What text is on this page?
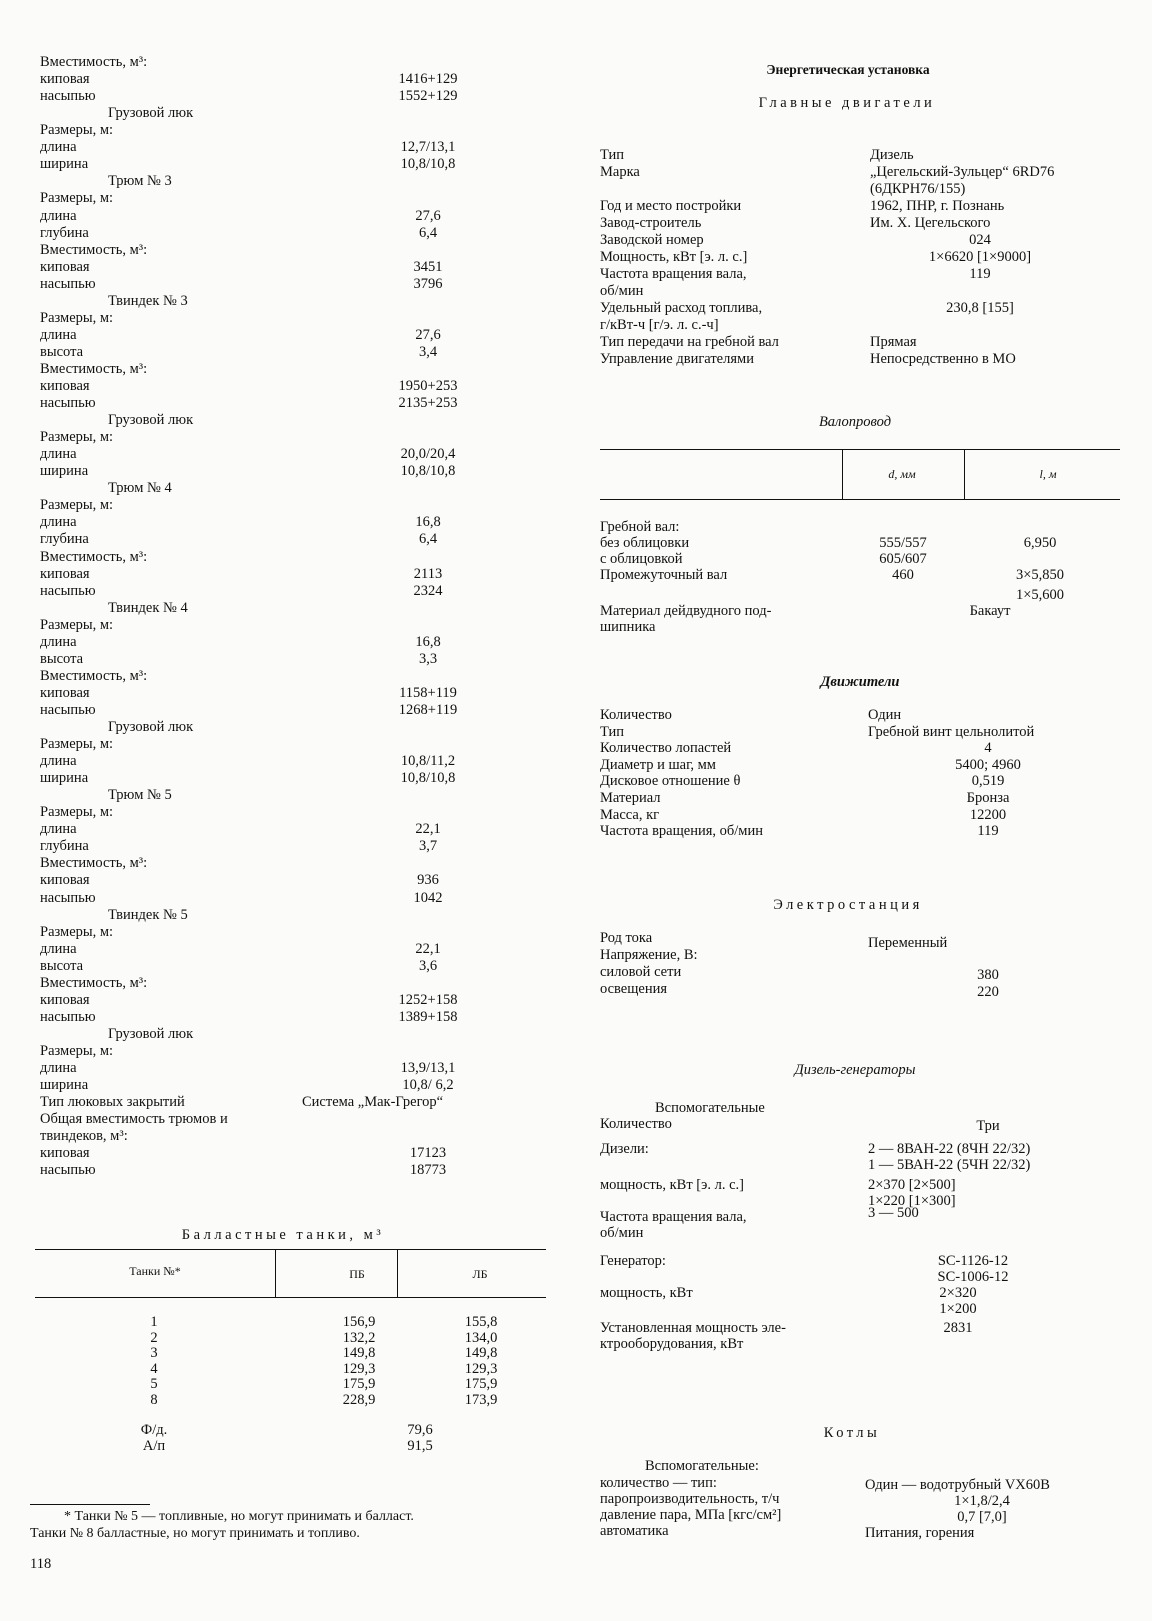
Вместимость, м³:
киповая	1416+129
насыпью	1552+129
Грузовой люк
Размеры, м:
длина	12,7/13,1
ширина	10,8/10,8
Трюм № 3
Размеры, м:
длина	27,6
глубина	6,4
Вместимость, м³:
киповая	3451
насыпью	3796
Твиндек № 3
Размеры, м:
длина	27,6
высота	3,4
Вместимость, м³:
киповая	1950+253
насыпью	2135+253
Грузовой люк
Размеры, м:
длина	20,0/20,4
ширина	10,8/10,8
Трюм № 4
Размеры, м:
длина	16,8
глубина	6,4
Вместимость, м³:
киповая	2113
насыпью	2324
Твиндек № 4
Размеры, м:
длина	16,8
высота	3,3
Вместимость, м³:
киповая	1158+119
насыпью	1268+119
Грузовой люк
Размеры, м:
длина	10,8/11,2
ширина	10,8/10,8
Трюм № 5
Размеры, м:
длина	22,1
глубина	3,7
Вместимость, м³:
киповая	936
насыпью	1042
Твиндек № 5
Размеры, м:
длина	22,1
высота	3,6
Вместимость, м³:
киповая	1252+158
насыпью	1389+158
Грузовой люк
Размеры, м:
длина	13,9/13,1
ширина	10,8/ 6,2
Тип люковых закрытий	Система „Мак-Грегор“
Общая вместимость трюмов и
твиндеков, м³:
киповая	17123
насыпью	18773
Балластные танки, м³
Танки №*	ПБ	ЛБ
1	156,9	155,8
2	132,2	134,0
3	149,8	149,8
4	129,3	129,3
5	175,9	175,9
8	228,9	173,9
Ф/д.	79,6
А/п	91,5
* Танки № 5 — топливные, но могут принимать и балласт.
Танки № 8 балластные, но могут принимать и топливо.
118
Энергетическая установка
Главные двигатели
Тип	Дизель
Марка	„Цегельский-Зульцер“ 6RD76
(6ДКРН76/155)
Год и место постройки	1962, ПНР, г. Познань
Завод-строитель	Им. X. Цегельского
Заводской номер	024
Мощность, кВт [э. л. с.]	1×6620 [1×9000]
Частота вращения вала,	119
об/мин
Удельный расход топлива,	230,8 [155]
г/кВт-ч [г/э. л. с.-ч]
Тип передачи на гребной вал	Прямая
Управление двигателями	Непосредственно в МО
Валопровод
d, мм	l, м
Гребной вал:
без облицовки	555/557	6,950
с облицовкой	605/607
Промежуточный вал	460	3×5,850
1×5,600
Материал дейдвудного под-	Бакаут
шипника
Движители
Количество	Один
Тип	Гребной винт цельнолитой
Количество лопастей	4
Диаметр и шаг, мм	5400; 4960
Дисковое отношение θ	0,519
Материал	Бронза
Масса, кг	12200
Частота вращения, об/мин	119
Электростанция
Род тока	Переменный
Напряжение, В:
силовой сети	380
освещения	220
Дизель-генераторы
Вспомогательные
Количество	Три
Дизели:	2 — 8ВАН-22 (8ЧН 22/32)
1 — 5ВАН-22 (5ЧН 22/32)
мощность, кВт [э. л. с.]	2×370 [2×500]
1×220 [1×300]
Частота вращения вала,	3 — 500
об/мин
Генератор:	SC-1126-12
SC-1006-12
мощность, кВт	2×320
1×200
Установленная мощность эле-	2831
ктрооборудования, кВт
Котлы
Вспомогательные:
количество — тип:	Один — водотрубный VX60B
паропроизводительность, т/ч	1×1,8/2,4
давление пара, МПа [кгс/см²]	0,7 [7,0]
автоматика	Питания, горения
